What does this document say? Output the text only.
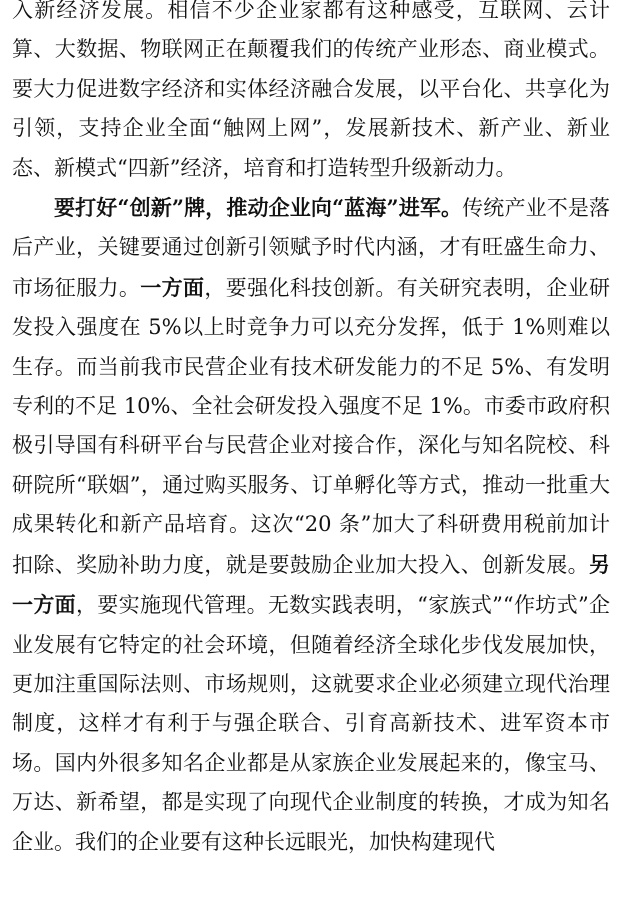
入新经济发展。相信不少企业家都有这种感受，互联网、云计算、大数据、物联网正在颠覆我们的传统产业形态、商业模式。要大力促进数字经济和实体经济融合发展，以平台化、共享化为引领，支持企业全面“触网上网”，发展新技术、新产业、新业态、新模式“四新”经济，培育和打造转型升级新动力。

要打好“创新”牌，推动企业向“蓝海”进军。传统产业不是落后产业，关键要通过创新引领赋予时代内涵，才有旺盛生命力、市场征服力。一方面，要强化科技创新。有关研究表明，企业研发投入强度在 5%以上时竞争力可以充分发挥，低于 1%则难以生存。而当前我市民营企业有技术研发能力的不足 5%、有发明专利的不足 10%、全社会研发投入强度不足 1%。市委市政府积极引导国有科研平台与民营企业对接合作，深化与知名院校、科研院所“联姻”，通过购买服务、订单孵化等方式，推动一批重大成果转化和新产品培育。这次“20 条”加大了科研费用税前加计扣除、奖励补助力度，就是要鼓励企业加大投入、创新发展。另一方面，要实施现代管理。无数实践表明，“家族式”“作坊式”企业发展有它特定的社会环境，但随着经济全球化步伐发展加快，更加注重国际法则、市场规则，这就要求企业必须建立现代治理制度，这样才有利于与强企联合、引育高新技术、进军资本市场。国内外很多知名企业都是从家族企业发展起来的，像宝马、万达、新希望，都是实现了向现代企业制度的转换，才成为知名企业。我们的企业要有这种长远眼光，加快构建现代
